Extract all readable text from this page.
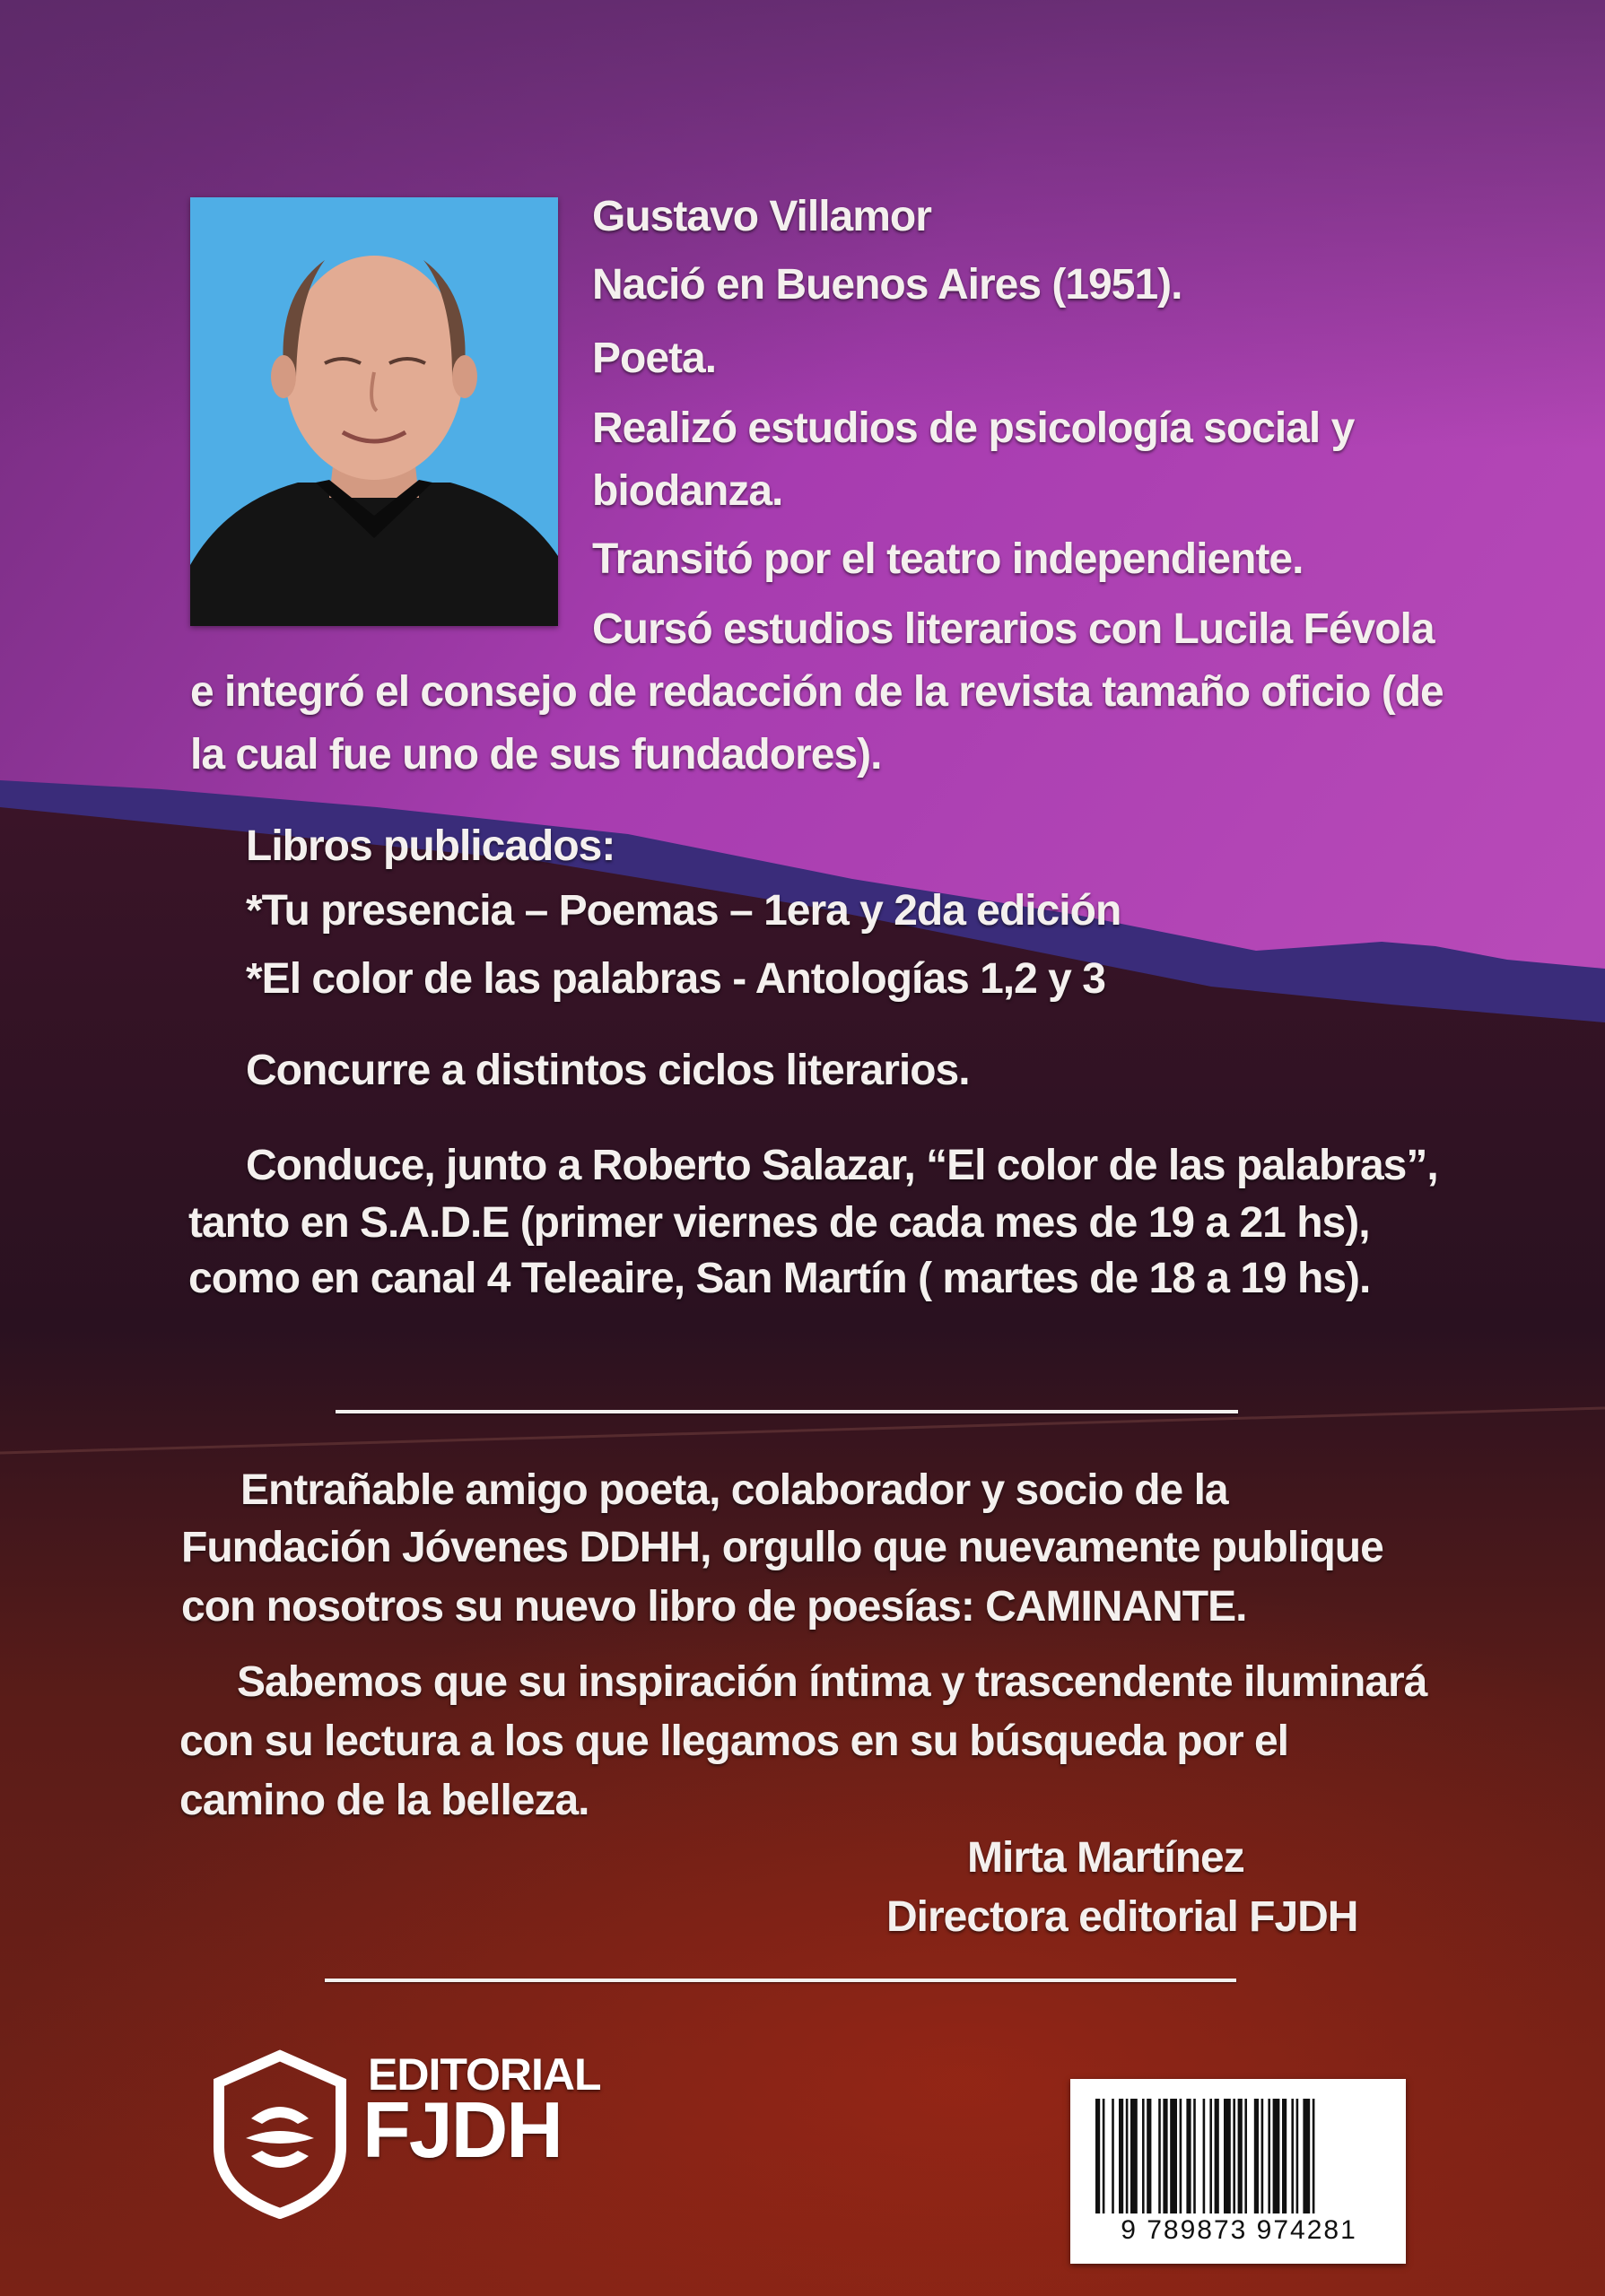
Gustavo Villamor

Nació en Buenos Aires (1951).

Poeta.

Realizó estudios de psicología social y

biodanza.

Transitó por el teatro independiente.

Cursó estudios literarios con Lucila Févola

e integró el consejo de redacción de la revista tamaño oficio (de

la cual fue uno de sus fundadores).

Libros publicados:

*Tu presencia – Poemas – 1era y 2da edición

*El color de las palabras - Antologías 1,2 y 3

Concurre a distintos ciclos literarios.

Conduce, junto a Roberto Salazar, “El color de las palabras”,

tanto en S.A.D.E (primer viernes de cada mes de 19 a 21 hs),

como en canal 4 Teleaire, San Martín ( martes de 18 a 19 hs).

Entrañable amigo poeta, colaborador y socio de la

Fundación Jóvenes DDHH, orgullo que nuevamente publique

con nosotros su nuevo libro de poesías: CAMINANTE.

Sabemos que su inspiración íntima y trascendente iluminará

con su lectura a los que llegamos en su búsqueda por el

camino de la belleza.

Mirta Martínez

Directora editorial FJDH

EDITORIAL

FJDH

9 789873 974281
